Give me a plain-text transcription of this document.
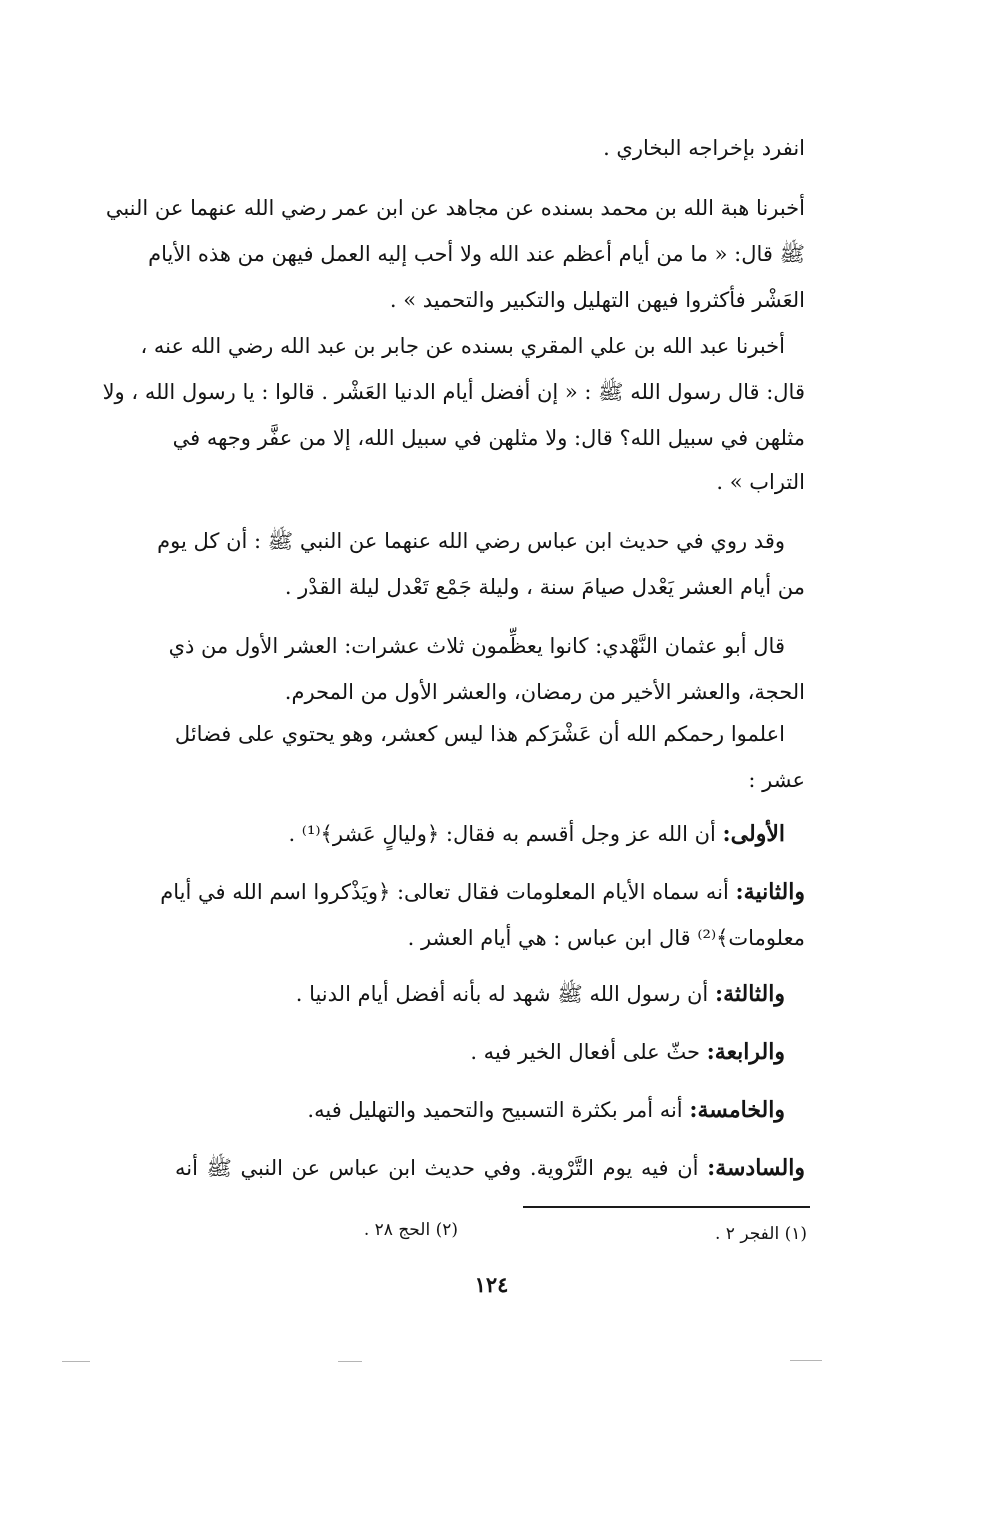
انفرد بإخراجه البخاري .
أخبرنا هبة الله بن محمد بسنده عن مجاهد عن ابن عمر رضي الله عنهما عن النبي
ﷺ قال: « ما من أيام أعظم عند الله ولا أحب إليه العمل فيهن من هذه الأيام
العَشْر فأكثروا فيهن التهليل والتكبير والتحميد » .
أخبرنا عبد الله بن علي المقري بسنده عن جابر بن عبد الله رضي الله عنه ،
قال: قال رسول الله ﷺ : « إن أفضل أيام الدنيا العَشْر . قالوا : يا رسول الله ، ولا
مثلهن في سبيل الله؟ قال: ولا مثلهن في سبيل الله، إلا من عفَّر وجهه في
التراب » .
وقد روي في حديث ابن عباس رضي الله عنهما عن النبي ﷺ : أن كل يوم
من أيام العشر يَعْدل صيامَ سنة ، وليلة جَمْع تَعْدل ليلة القدْر .
قال أبو عثمان النَّهْدي: كانوا يعظِّمون ثلاث عشرات: العشر الأول من ذي
الحجة، والعشر الأخير من رمضان، والعشر الأول من المحرم.
اعلموا رحمكم الله أن عَشْرَكم هذا ليس كعشر، وهو يحتوي على فضائل
عشر :
الأولى: أن الله عز وجل أقسم به فقال: ﴿وليالٍ عَشر﴾⁽¹⁾ .
والثانية: أنه سماه الأيام المعلومات فقال تعالى: ﴿ويَذْكروا اسم الله في أيام
معلومات﴾⁽²⁾ قال ابن عباس : هي أيام العشر .
والثالثة: أن رسول الله ﷺ شهد له بأنه أفضل أيام الدنيا .
والرابعة: حثّ على أفعال الخير فيه .
والخامسة: أنه أمر بكثرة التسبيح والتحميد والتهليل فيه.
والسادسة: أن فيه يوم التَّرْوية. وفي حديث ابن عباس عن النبي ﷺ أنه
(١) الفجر ٢ .
(٢) الحج ٢٨ .
١٢٤
